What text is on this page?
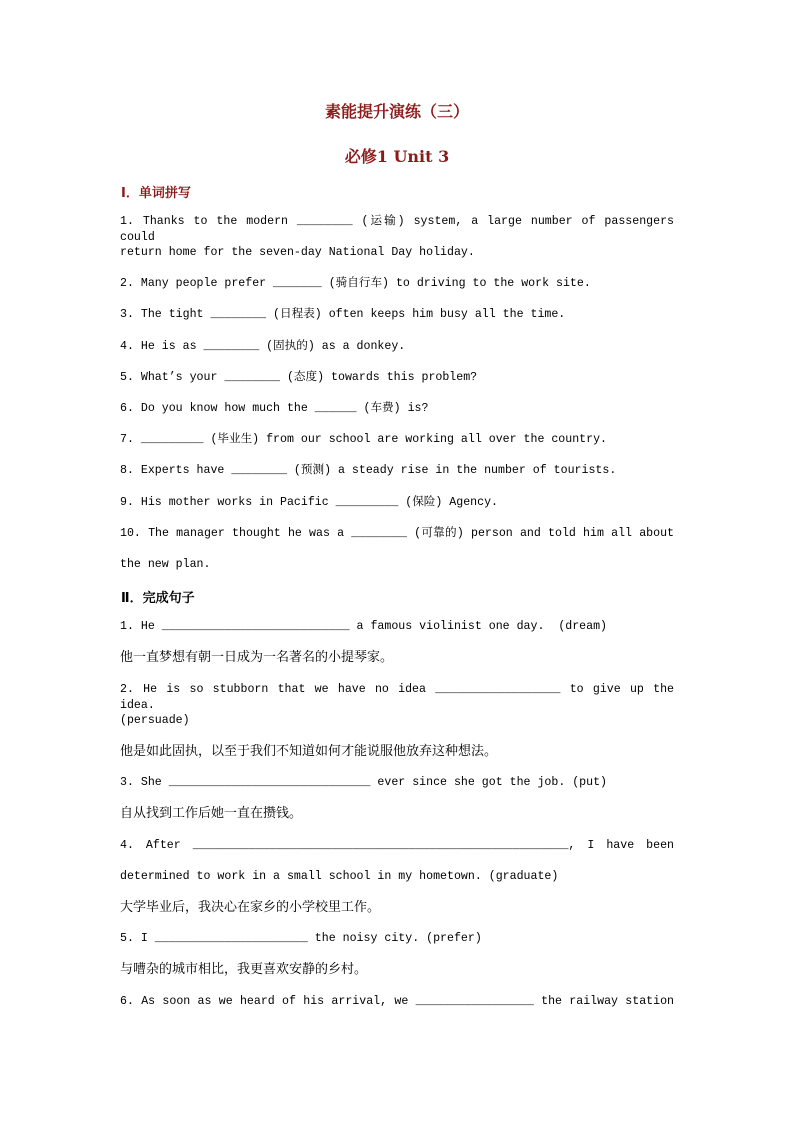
素能提升演练（三）
必修1 Unit 3
Ⅰ．单词拼写
1. Thanks to the modern ________ (运输) system, a large number of passengers could
return home for the seven-day National Day holiday.
2. Many people prefer _______ (骑自行车) to driving to the work site.
3. The tight ________ (日程表) often keeps him busy all the time.
4. He is as ________ (固执的) as a donkey.
5. What’s your ________ (态度) towards this problem?
6. Do you know how much the ______ (车费) is?
7. _________ (毕业生) from our school are working all over the country.
8. Experts have ________ (预测) a steady rise in the number of tourists.
9. His mother works in Pacific _________ (保险) Agency.
10. The manager thought he was a ________ (可靠的) person and told him all about
the new plan.
Ⅱ．完成句子
1. He ___________________________ a famous violinist one day.  (dream)
他一直梦想有朝一日成为一名著名的小提琴家。
2. He is so stubborn that we have no idea __________________ to give up the idea.
(persuade)
他是如此固执，以至于我们不知道如何才能说服他放弃这种想法。
3. She _____________________________ ever since she got the job. (put)
自从找到工作后她一直在攒钱。
4. After ______________________________________________________, I have been
determined to work in a small school in my hometown. (graduate)
大学毕业后，我决心在家乡的小学校里工作。
5. I ______________________ the noisy city. (prefer)
与嘈杂的城市相比，我更喜欢安静的乡村。
6. As soon as we heard of his arrival, we _________________ the railway station
